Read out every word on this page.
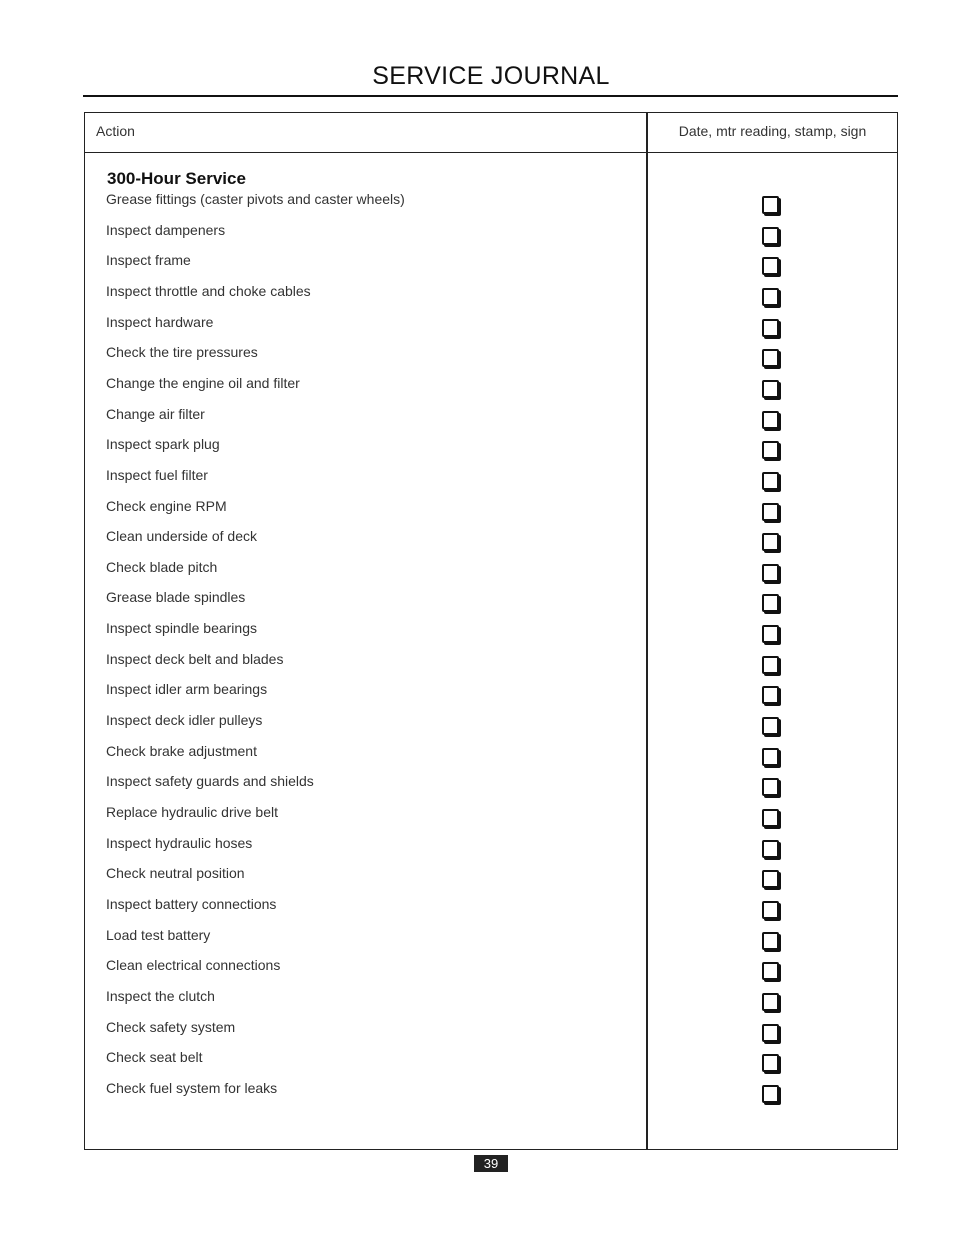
SERVICE JOURNAL
Action	Date, mtr reading, stamp, sign
300-Hour Service
Grease fittings (caster pivots and caster wheels)
Inspect dampeners
Inspect frame
Inspect throttle and choke cables
Inspect hardware
Check the tire pressures
Change the engine oil and filter
Change air filter
Inspect spark plug
Inspect fuel filter
Check engine RPM
Clean underside of deck
Check blade pitch
Grease blade spindles
Inspect spindle bearings
Inspect deck belt and blades
Inspect idler arm bearings
Inspect deck idler pulleys
Check brake adjustment
Inspect safety guards and shields
Replace hydraulic drive belt
Inspect hydraulic hoses
Check neutral position
Inspect battery connections
Load test battery
Clean electrical connections
Inspect the clutch
Check safety system
Check seat belt
Check fuel system for leaks
39
